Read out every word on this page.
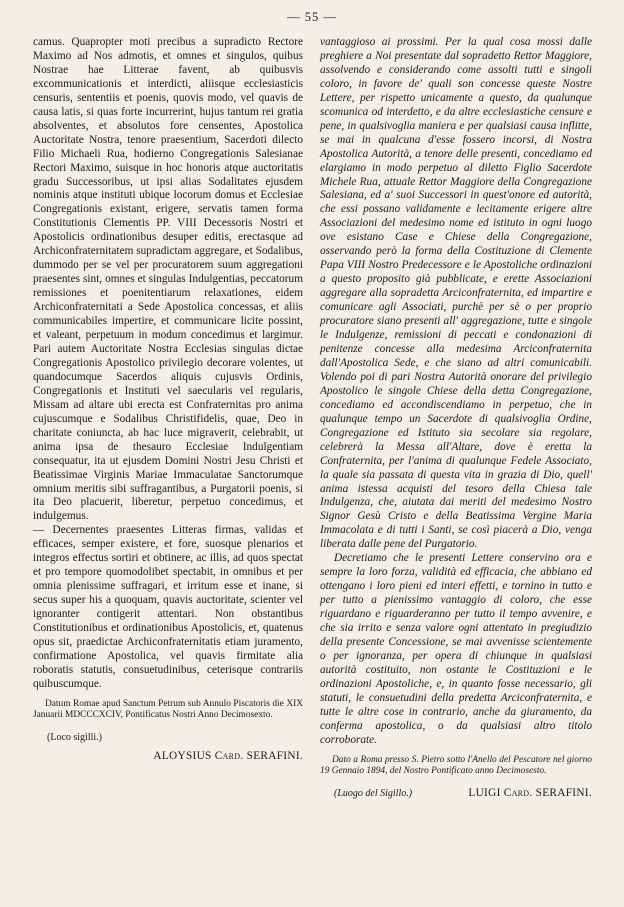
— 55 —

camus. Quapropter moti precibus a supradicto Rectore Maximo ad Nos admotis, et omnes et singulos, quibus Nostrae hae Litterae favent, ab quibusvis excommunicationis et interdicti, aliisque ecclesiasticis censuris, sententiis et poenis, quovis modo, vel quavis de causa latis, si quas forte incurrerint, hujus tantum rei gratia absolventes, et absolutos fore censentes, Apostolica Auctoritate Nostra, tenore praesentium, Sacerdoti dilecto Filio Michaeli Rua, hodierno Congregationis Salesianae Rectori Maximo, suisque in hoc honoris atque auctoritatis gradu Successoribus, ut ipsi alias Sodalitates ejusdem nominis atque instituti ubique locorum domus et Ecclesiae Congregationis existant, erigere, servatis tamen forma Constitutionis Clementis PP. VIII Decessoris Nostri et Apostolicis ordinationibus desuper editis, erectasque ad Archiconfraternitatem supradictam aggregare, et Sodalibus, dummodo per se vel per procuratorem suum aggregationi praesentes sint, omnes et singulas Indulgentias, peccatorum remissiones et poenitentiarum relaxationes, eidem Archiconfraternitati a Sede Apostolica concessas, et aliis communicabiles impertire, et communicare licite possint, et valeant, perpetuum in modum concedimus et largimur. Pari autem Auctoritate Nostra Ecclesias singulas dictae Congregationis Apostolico privilegio decorare volentes, ut quandocumque Sacerdos aliquis cujusvis Ordinis, Congregationis et Instituti vel saecularis vel regularis, Missam ad altare ubi erecta est Confraternitas pro anima cujuscumque e Sodalibus Christifidelis, quae, Deo in charitate coniuncta, ab hac luce migraverit, celebrabit, ut anima ipsa de thesauro Ecclesiae Indulgentiam consequatur, ita ut ejusdem Domini Nostri Jesu Christi et Beatissimae Virginis Mariae Immaculatae Sanctorumque omnium meritis sibi suffragantibus, a Purgatorii poenis, si ita Deo placuerit, liberetur, perpetuo concedimus, et indulgemus.

— Decernentes praesentes Litteras firmas, validas et efficaces, semper existere, et fore, suosque plenarios et integros effectus sortiri et obtinere, ac illis, ad quos spectat et pro tempore quomodolibet spectabit, in omnibus et per omnia plenissime suffragari, et irritum esse et inane, si secus super his a quoquam, quavis auctoritate, scienter vel ignoranter contigerit attentari. Non obstantibus Constitutionibus et ordinationibus Apostolicis, et, quatenus opus sit, praedictae Archiconfraternitatis etiam juramento, confirmatione Apostolica, vel quavis firmitate alia roboratis statutis, consuetudinibus, ceterisque contrariis quibuscumque.

Datum Romae apud Sanctum Petrum sub Annulo Piscatoris die XIX Januarii MDCCCXCIV, Pontificatus Nostri Anno Decimosexto.
(Loco sigilli.)
ALOYSIUS Card. SERAFINI.

vantaggioso ai prossimi. Per la qual cosa mossi dalle preghiere a Noi presentate dal sopradetto Rettor Maggiore, assolvendo e considerando come assolti tutti e singoli coloro, in favore de' quali son concesse queste Nostre Lettere, per rispetto unicamente a questo, da qualunque scomunica od interdetto, e da altre ecclesiastiche censure e pene, in qualsivoglia maniera e per qualsiasi causa inflitte, se mai in qualcuna d'esse fossero incorsi, di Nostra Apostolica Autorità, a tenore delle presenti, concediamo ed elargiamo in modo perpetuo al diletto Figlio Sacerdote Michele Rua, attuale Rettor Maggiore della Congregazione Salesiana, ed a' suoi Successori in quest'onore ed autorità, che essi possano validamente e lecitamente erigere altre Associazioni del medesimo nome ed istituto in ogni luogo ove esistano Case e Chiese della Congregazione, osservando però la forma della Costituzione di Clemente Papa VIII Nostro Predecessore e le Apostoliche ordinazioni a questo proposito già pubblicate, e erette Associazioni aggregare alla sopradetta Arciconfraternita, ed impartire e comunicare agli Associati, purchè per sè o per proprio procuratore siano presenti all' aggregazione, tutte e singole le Indulgenze, remissioni di peccati e condonazioni di penitenze concesse alla medesima Arciconfraternita dall'Apostolica Sede, e che siano ad altri comunicabili. Volendo poi di pari Nostra Autorità onorare del privilegio Apostolico le singole Chiese della detta Congregazione, concediamo ed accondiscendiamo in perpetuo, che in qualunque tempo un Sacerdote di qualsivoglia Ordine, Congregazione ed Istituto sia secolare sia regolare, celebrerà la Messa all'Altare, dove è eretta la Confraternita, per l'anima di qualunque Fedele Associato, la quale sia passata di questa vita in grazia di Dio, quell' anima istessa acquisti del tesoro della Chiesa tale Indulgenza, che, aiutata dai meriti del medesimo Nostro Signor Gesù Cristo e della Beatissima Vergine Maria Immacolata e di tutti i Santi, se così piacerà a Dio, venga liberata dalle pene del Purgatorio.

Decretiamo che le presenti Lettere conservino ora e sempre la loro forza, validità ed efficacia, che abbiano ed ottengano i loro pieni ed interi effetti, e tornino in tutto e per tutto a pienissimo vantaggio di coloro, che esse riguardano e riguarderanno per tutto il tempo avvenire, e che sia irrito e senza valore ogni attentato in pregiudizio della presente Concessione, se mai avvenisse scientemente o per ignoranza, per opera di chiunque in qualsiasi autorità costituito, non ostante le Costituzioni e le ordinazioni Apostoliche, e, in quanto fosse necessario, gli statuti, le consuetudini della predetta Arciconfraternita, e tutte le altre cose in contrario, anche da giuramento, da conferma apostolica, o da qualsiasi altro titolo corroborate.

Dato a Roma presso S. Pietro sotto l'Anello del Pescatore nel giorno 19 Gennaio 1894, del Nostro Pontificato anno Decimosesto.
(Luogo del Sigillo.)	LUIGI Card. SERAFINI.
